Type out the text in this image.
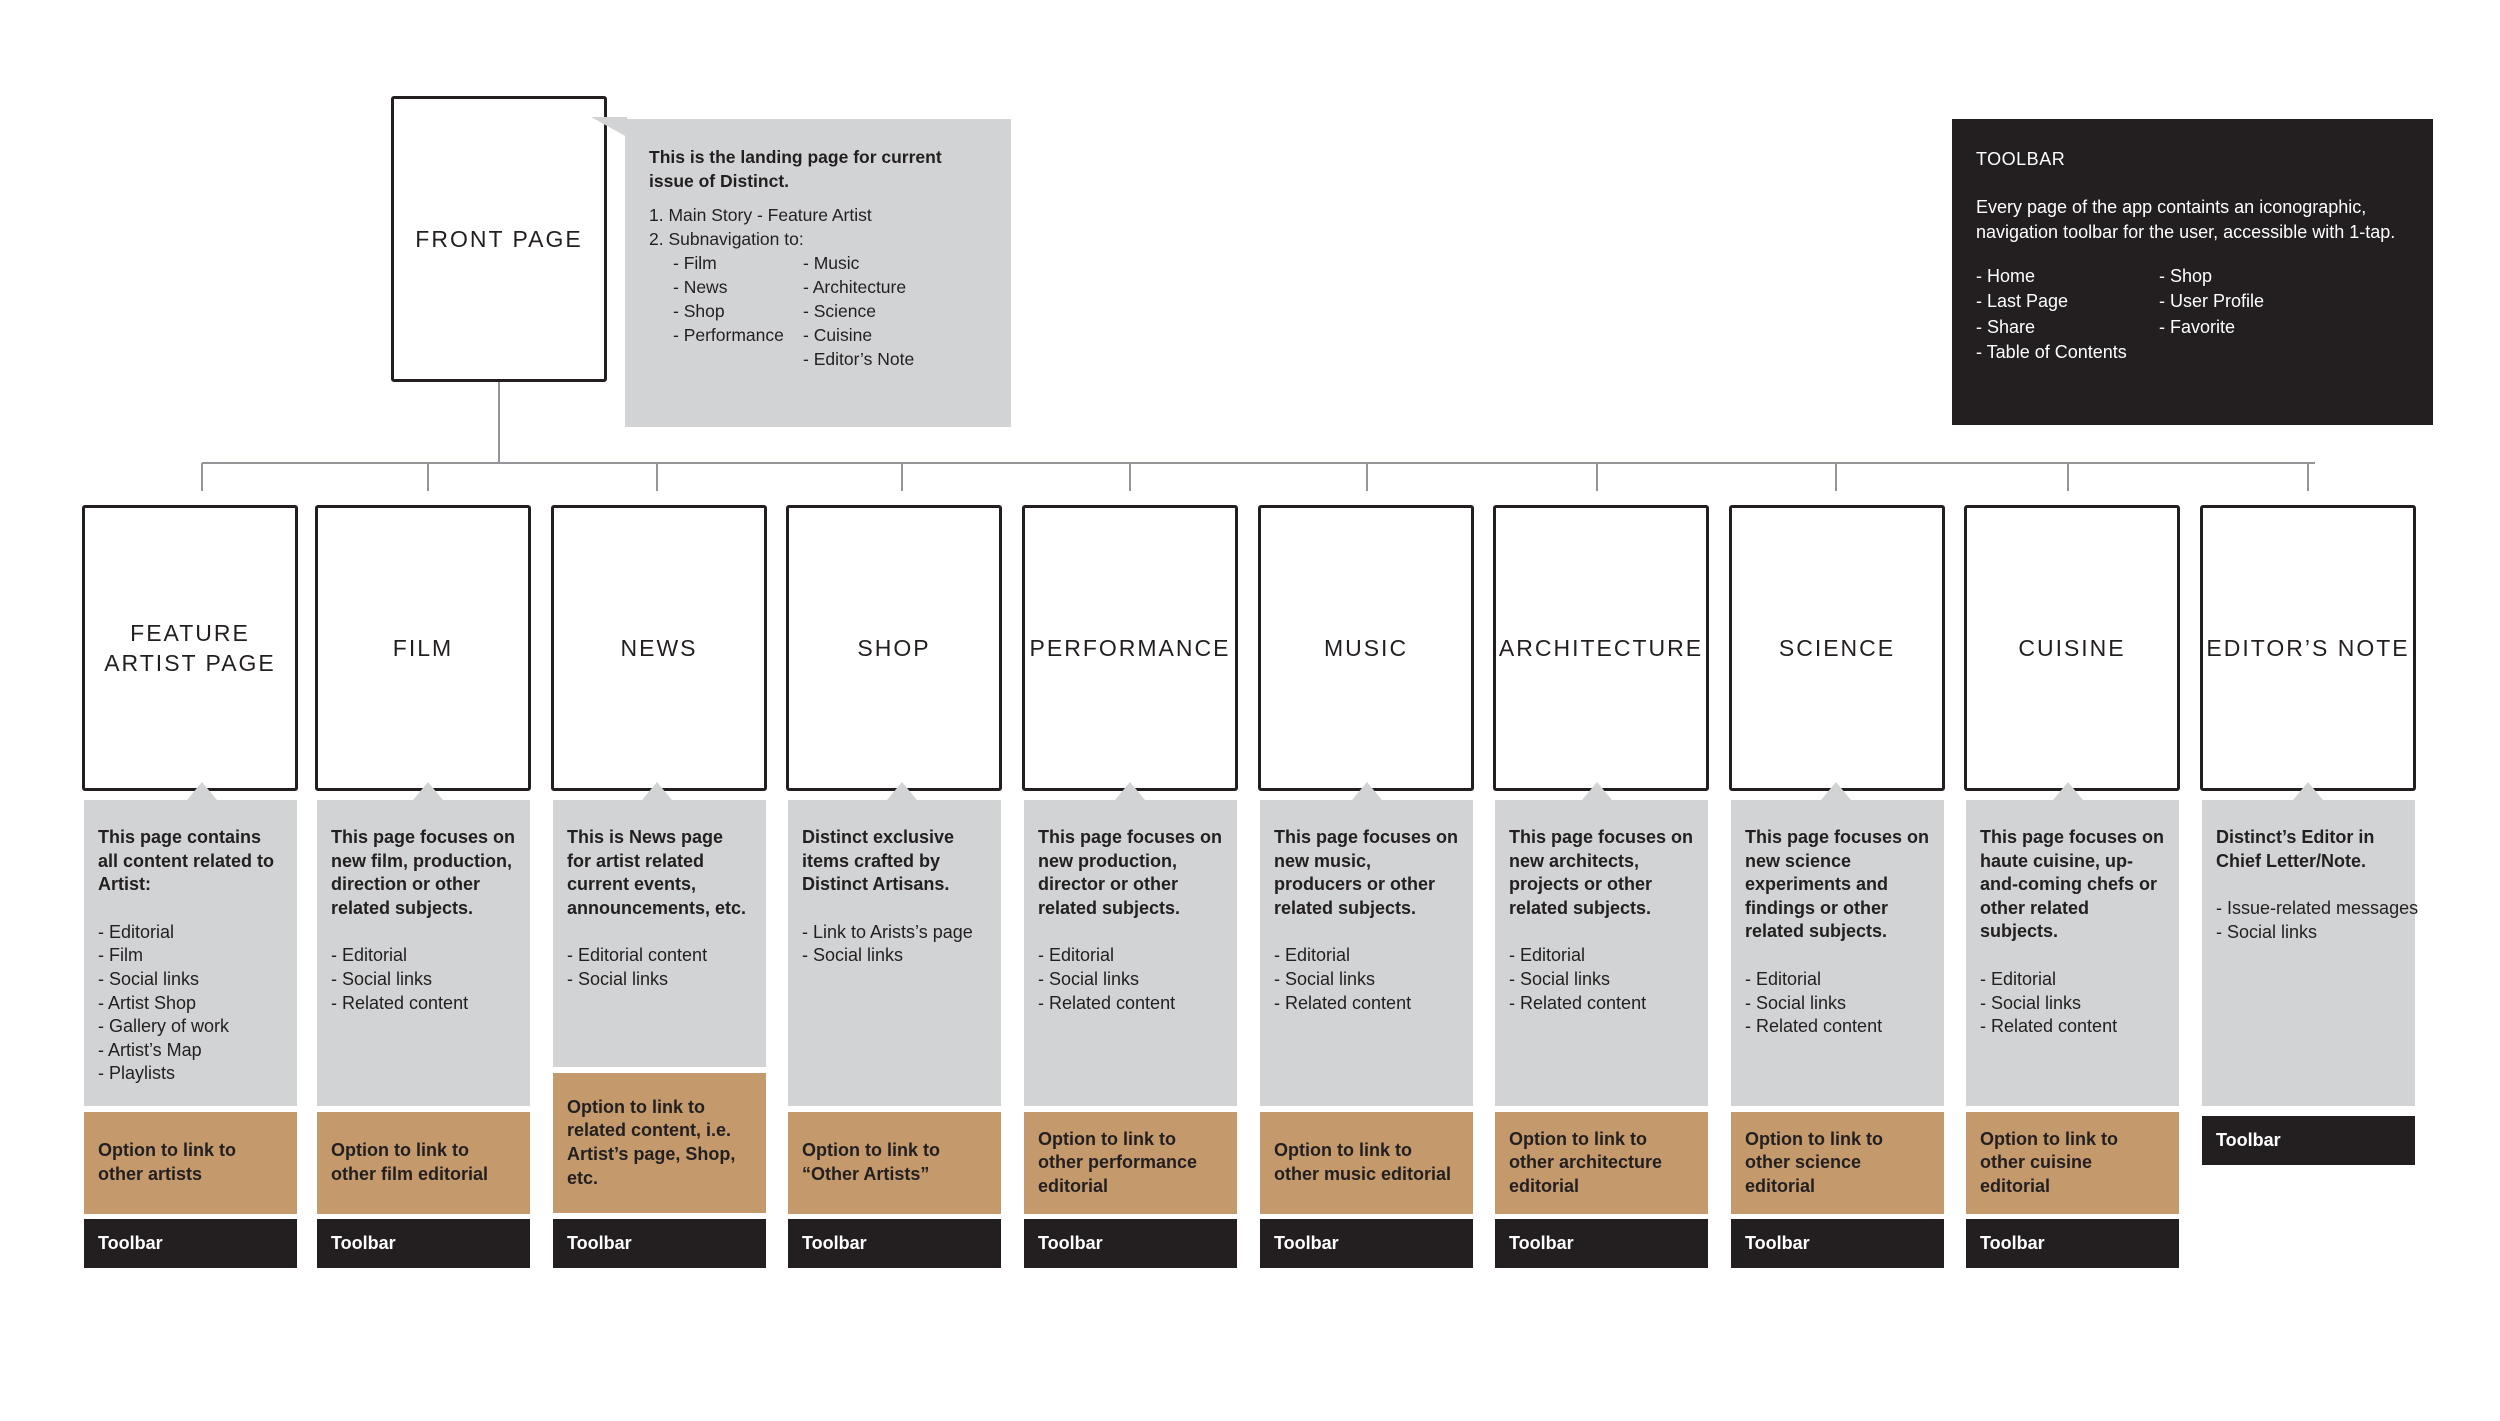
FRONT PAGE
This is the landing page for current issue of Distinct.
1. Main Story - Feature Artist
2. Subnavigation to:
- Film
- News
- Shop
- Performance
- Music
- Architecture
- Science
- Cuisine
- Editor’s Note
TOOLBAR
Every page of the app containts an iconographic, navigation toolbar for the user, accessible with 1-tap.
- Home
- Last Page
- Share
- Table of Contents
- Shop
- User Profile
- Favorite
FEATURE
ARTIST PAGE
This page contains all content related to Artist:
- Editorial
- Film
- Social links
- Artist Shop
- Gallery of work
- Artist’s Map
- Playlists
Option to link to other artists
Toolbar
FILM
This page focuses on new film, production, direction or other related subjects.
- Editorial
- Social links
- Related content
Option to link to other film editorial
Toolbar
NEWS
This is News page for artist related current events, announcements, etc.
- Editorial content
- Social links
Option to link to related content, i.e. Artist’s page, Shop, etc.
Toolbar
SHOP
Distinct exclusive items crafted by Distinct Artisans.
- Link to Arists’s page
- Social links
Option to link to “Other Artists”
Toolbar
PERFORMANCE
This page focuses on new production, director or other related subjects.
- Editorial
- Social links
- Related content
Option to link to other performance editorial
Toolbar
MUSIC
This page focuses on new music, producers or other related subjects.
- Editorial
- Social links
- Related content
Option to link to other music editorial
Toolbar
ARCHITECTURE
This page focuses on new architects, projects or other related subjects.
- Editorial
- Social links
- Related content
Option to link to other architecture editorial
Toolbar
SCIENCE
This page focuses on new science experiments and findings or other related subjects.
- Editorial
- Social links
- Related content
Option to link to other science editorial
Toolbar
CUISINE
This page focuses on haute cuisine, up-and-coming chefs or other related subjects.
- Editorial
- Social links
- Related content
Option to link to other cuisine editorial
Toolbar
EDITOR’S NOTE
Distinct’s Editor in Chief Letter/Note.
- Issue-related messages
- Social links
Toolbar
